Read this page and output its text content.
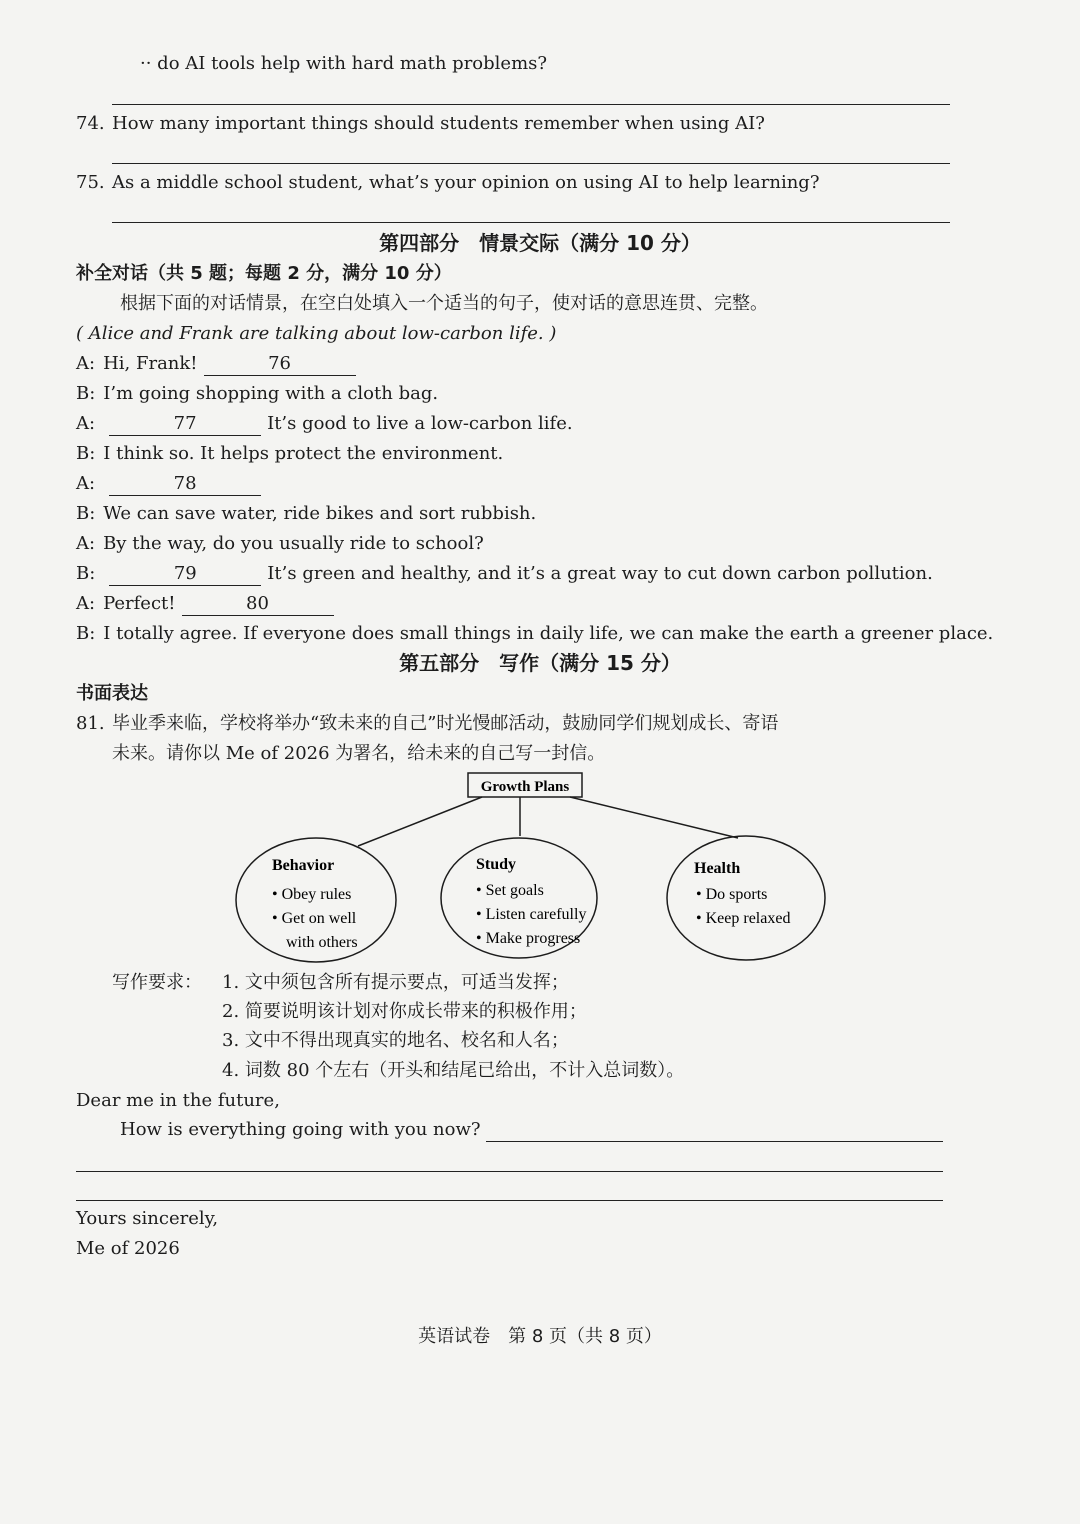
·· do AI tools help with hard math problems?
74. How many important things should students remember when using AI?
75. As a middle school student, what’s your opinion on using AI to help learning?
第四部分　情景交际（满分 10 分）
补全对话（共 5 题；每题 2 分，满分 10 分）
根据下面的对话情景，在空白处填入一个适当的句子，使对话的意思连贯、完整。
( Alice and Frank are talking about low-carbon life. )
A: Hi, Frank!	76
B: I’m going shopping with a cloth bag.
A:	77	It’s good to live a low-carbon life.
B: I think so. It helps protect the environment.
A:	78
B: We can save water, ride bikes and sort rubbish.
A: By the way, do you usually ride to school?
B:	79	It’s green and healthy, and it’s a great way to cut down carbon pollution.
A: Perfect!	80
B: I totally agree. If everyone does small things in daily life, we can make the earth a greener place.
第五部分　写作（满分 15 分）
书面表达
81. 毕业季来临，学校将举办“致未来的自己”时光慢邮活动，鼓励同学们规划成长、寄语
未来。请你以 Me of 2026 为署名，给未来的自己写一封信。
Growth Plans
Behavior
• Obey rules
• Get on well
with others
Study
• Set goals
• Listen carefully
• Make progress
Health
• Do sports
• Keep relaxed
写作要求： 1. 文中须包含所有提示要点，可适当发挥；
2. 简要说明该计划对你成长带来的积极作用；
3. 文中不得出现真实的地名、校名和人名；
4. 词数 80 个左右（开头和结尾已给出，不计入总词数）。
Dear me in the future,
How is everything going with you now?
Yours sincerely,
Me of 2026
英语试卷　第 8 页（共 8 页）
